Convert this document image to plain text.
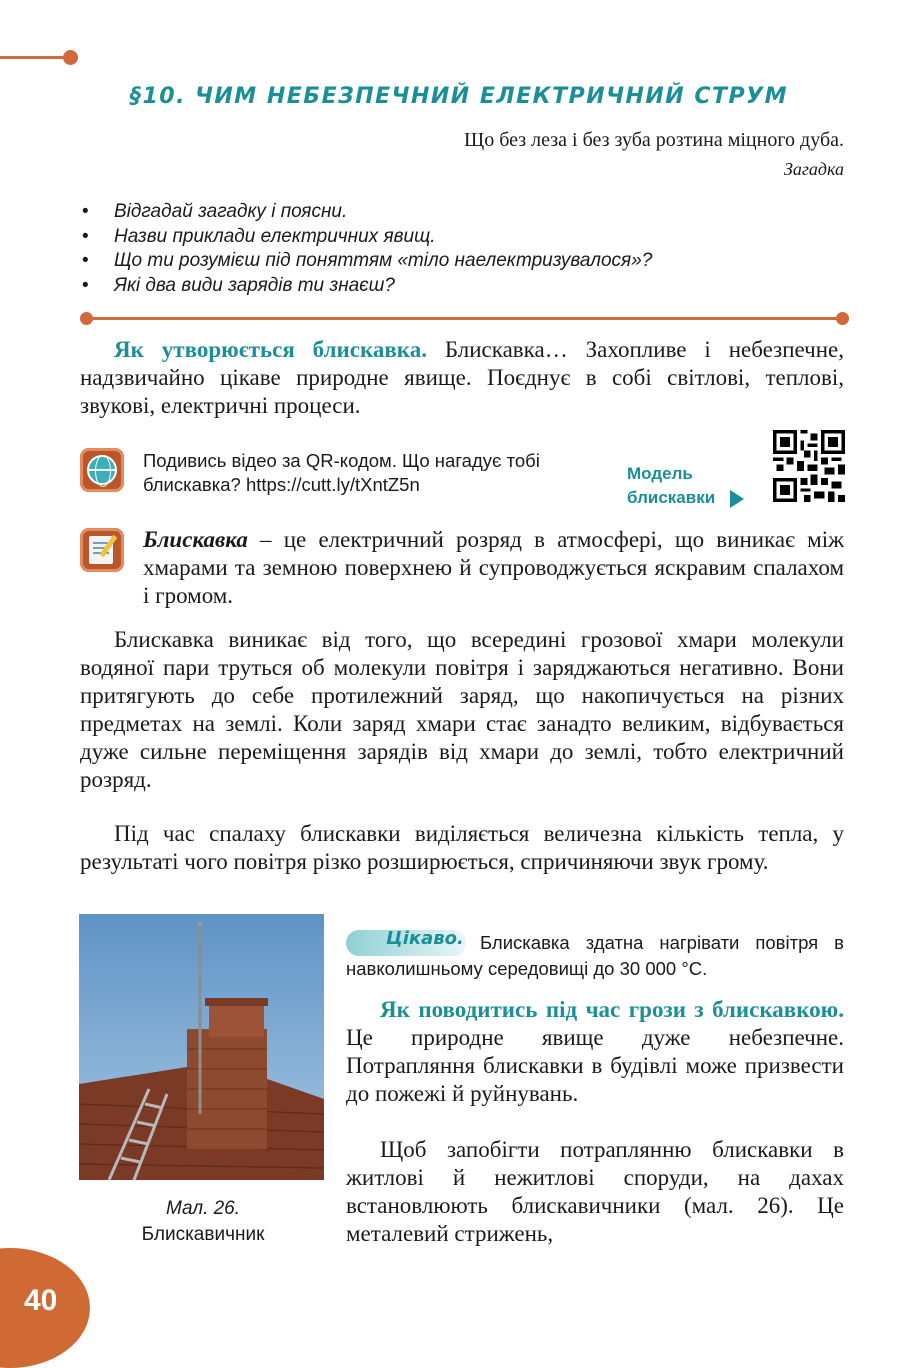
§10. ЧИМ НЕБЕЗПЕЧНИЙ ЕЛЕКТРИЧНИЙ СТРУМ
Що без леза і без зуба розтина міцного дуба.
Загадка
• Відгадай загадку і поясни.
• Назви приклади електричних явищ.
• Що ти розумієш під поняттям «тіло наелектризувалося»?
• Які два види зарядів ти знаєш?
Як утворюється блискавка. Блискавка… Захопливе і небезпечне, надзвичайно цікаве природне явище. Поєднує в собі світлові, теплові, звукові, електричні процеси.
Подивись відео за QR-кодом. Що нагадує тобі блискавка? https://cutt.ly/tXntZ5n
Модель
блискавки
Блискавка – це електричний розряд в атмосфері, що виникає між хмарами та земною поверхнею й супроводжується яскравим спалахом і громом.
Блискавка виникає від того, що всередині грозової хмари молекули водяної пари труться об молекули повітря і заряджаються негативно. Вони притягують до себе протилежний заряд, що накопичується на різних предметах на землі. Коли заряд хмари стає занадто великим, відбувається дуже сильне переміщення зарядів від хмари до землі, тобто електричний розряд.
Під час спалаху блискавки виділяється величезна кількість тепла, у результаті чого повітря різко розширюється, спричиняючи звук грому.
Мал. 26.
Блискавичник
Блискавка здатна нагрівати повітря в навколишньому середовищі до 30 000 °С.
Цікаво.
Як поводитись під час грози з блискавкою. Це природне явище дуже небезпечне. Потрапляння блискавки в будівлі може призвести до пожежі й руйнувань.
Щоб запобігти потраплянню блискавки в житлові й нежитлові споруди, на дахах встановлюють блискавичники (мал. 26). Це металевий стрижень,
40
